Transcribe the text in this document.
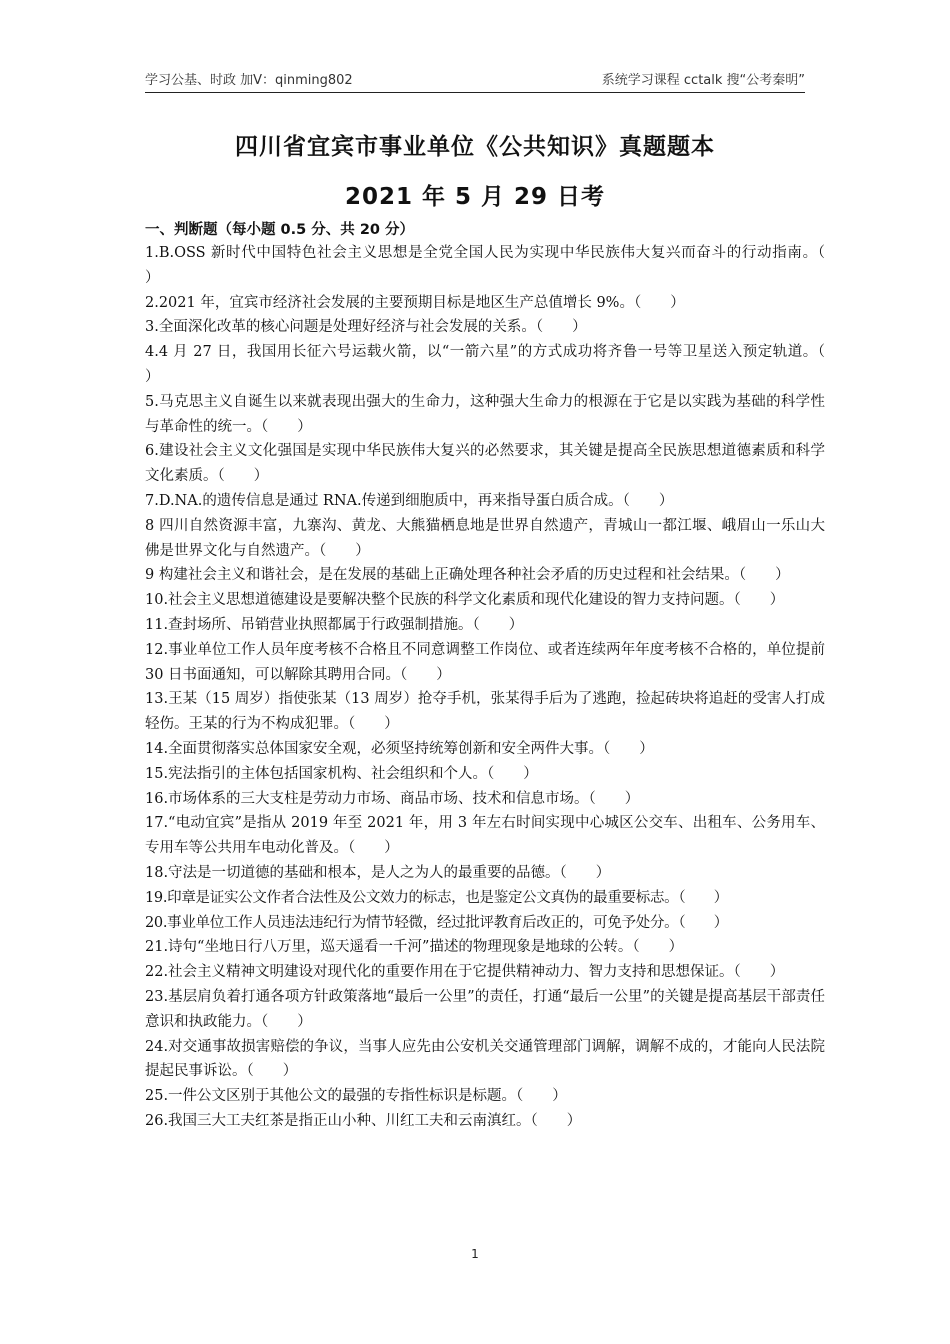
学习公基、时政 加V：qinming802	系统学习课程 cctalk 搜“公考秦明”
四川省宜宾市事业单位《公共知识》真题题本
2021 年 5 月 29 日考
一、判断题（每小题 0.5 分、共 20 分）
1.B.OSS 新时代中国特色社会主义思想是全党全国人民为实现中华民族伟大复兴而奋斗的行动指南。（　　）
2.2021 年，宜宾市经济社会发展的主要预期目标是地区生产总值增长 9%。（　　）
3.全面深化改革的核心问题是处理好经济与社会发展的关系。（　　）
4.4 月 27 日，我国用长征六号运载火箭，以“一箭六星”的方式成功将齐鲁一号等卫星送入预定轨道。（　　）
5.马克思主义自诞生以来就表现出强大的生命力，这种强大生命力的根源在于它是以实践为基础的科学性与革命性的统一。（　　）
6.建设社会主义文化强国是实现中华民族伟大复兴的必然要求，其关键是提高全民族思想道德素质和科学文化素质。（　　）
7.D.NA.的遗传信息是通过 RNA.传递到细胞质中，再来指导蛋白质合成。（　　）
8 四川自然资源丰富，九寨沟、黄龙、大熊猫栖息地是世界自然遗产，青城山一都江堰、峨眉山一乐山大佛是世界文化与自然遗产。（　　）
9 构建社会主义和谐社会，是在发展的基础上正确处理各种社会矛盾的历史过程和社会结果。（　　）
10.社会主义思想道德建设是要解决整个民族的科学文化素质和现代化建设的智力支持问题。（　　）
11.查封场所、吊销营业执照都属于行政强制措施。（　　）
12.事业单位工作人员年度考核不合格且不同意调整工作岗位、或者连续两年年度考核不合格的，单位提前 30 日书面通知，可以解除其聘用合同。（　　）
13.王某（15 周岁）指使张某（13 周岁）抢夺手机，张某得手后为了逃跑，捡起砖块将追赶的受害人打成轻伤。王某的行为不构成犯罪。（　　）
14.全面贯彻落实总体国家安全观，必须坚持统筹创新和安全两件大事。（　　）
15.宪法指引的主体包括国家机构、社会组织和个人。（　　）
16.市场体系的三大支柱是劳动力市场、商品市场、技术和信息市场。（　　）
17.“电动宜宾”是指从 2019 年至 2021 年，用 3 年左右时间实现中心城区公交车、出租车、公务用车、专用车等公共用车电动化普及。（　　）
18.守法是一切道德的基础和根本，是人之为人的最重要的品德。（　　）
19.印章是证实公文作者合法性及公文效力的标志，也是鉴定公文真伪的最重要标志。（　　）
20.事业单位工作人员违法违纪行为情节轻微，经过批评教育后改正的，可免予处分。（　　）
21.诗句“坐地日行八万里，巡天遥看一千河”描述的物理现象是地球的公转。（　　）
22.社会主义精神文明建设对现代化的重要作用在于它提供精神动力、智力支持和思想保证。（　　）
23.基层肩负着打通各项方针政策落地“最后一公里”的责任，打通“最后一公里”的关键是提高基层干部责任意识和执政能力。（　　）
24.对交通事故损害赔偿的争议，当事人应先由公安机关交通管理部门调解，调解不成的，才能向人民法院提起民事诉讼。（　　）
25.一件公文区别于其他公文的最强的专指性标识是标题。（　　）
26.我国三大工夫红茶是指正山小种、川红工夫和云南滇红。（　　）
1
